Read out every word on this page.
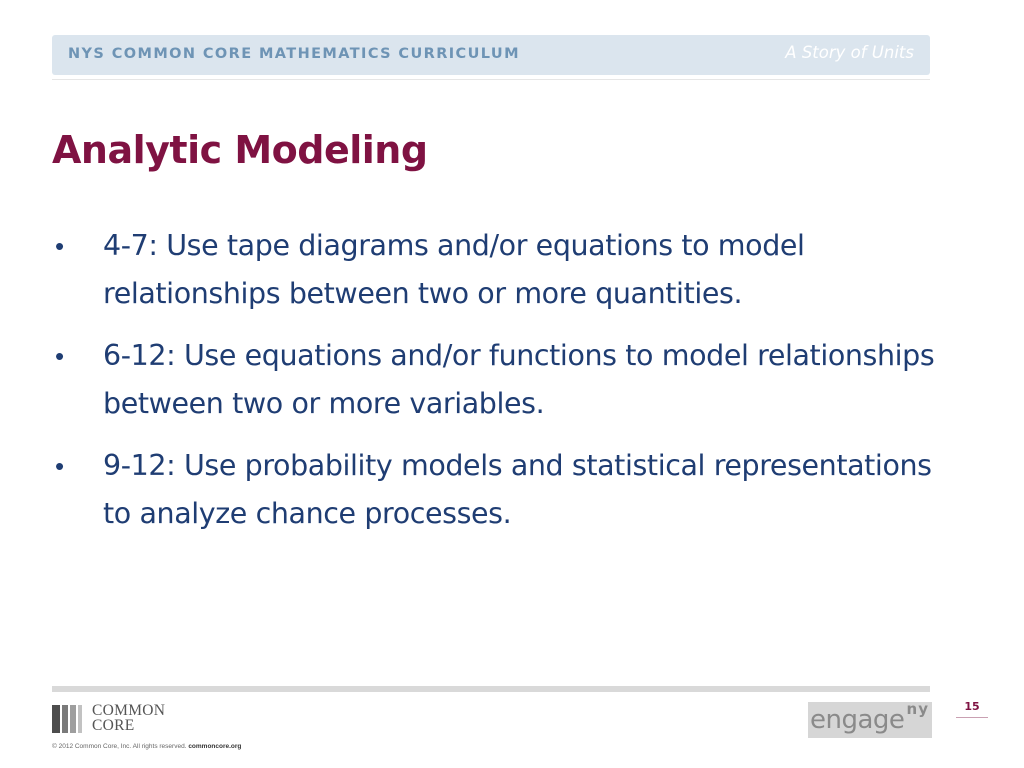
NYS COMMON CORE MATHEMATICS CURRICULUM	A Story of Units
Analytic Modeling
• 4-7: Use tape diagrams and/or equations to model relationships between two or more quantities.
• 6-12: Use equations and/or functions to model relationships between two or more variables.
• 9-12: Use probability models and statistical representations to analyze chance processes.
COMMON
CORE
© 2012 Common Core, Inc. All rights reserved. commoncore.org
engage ny	15
